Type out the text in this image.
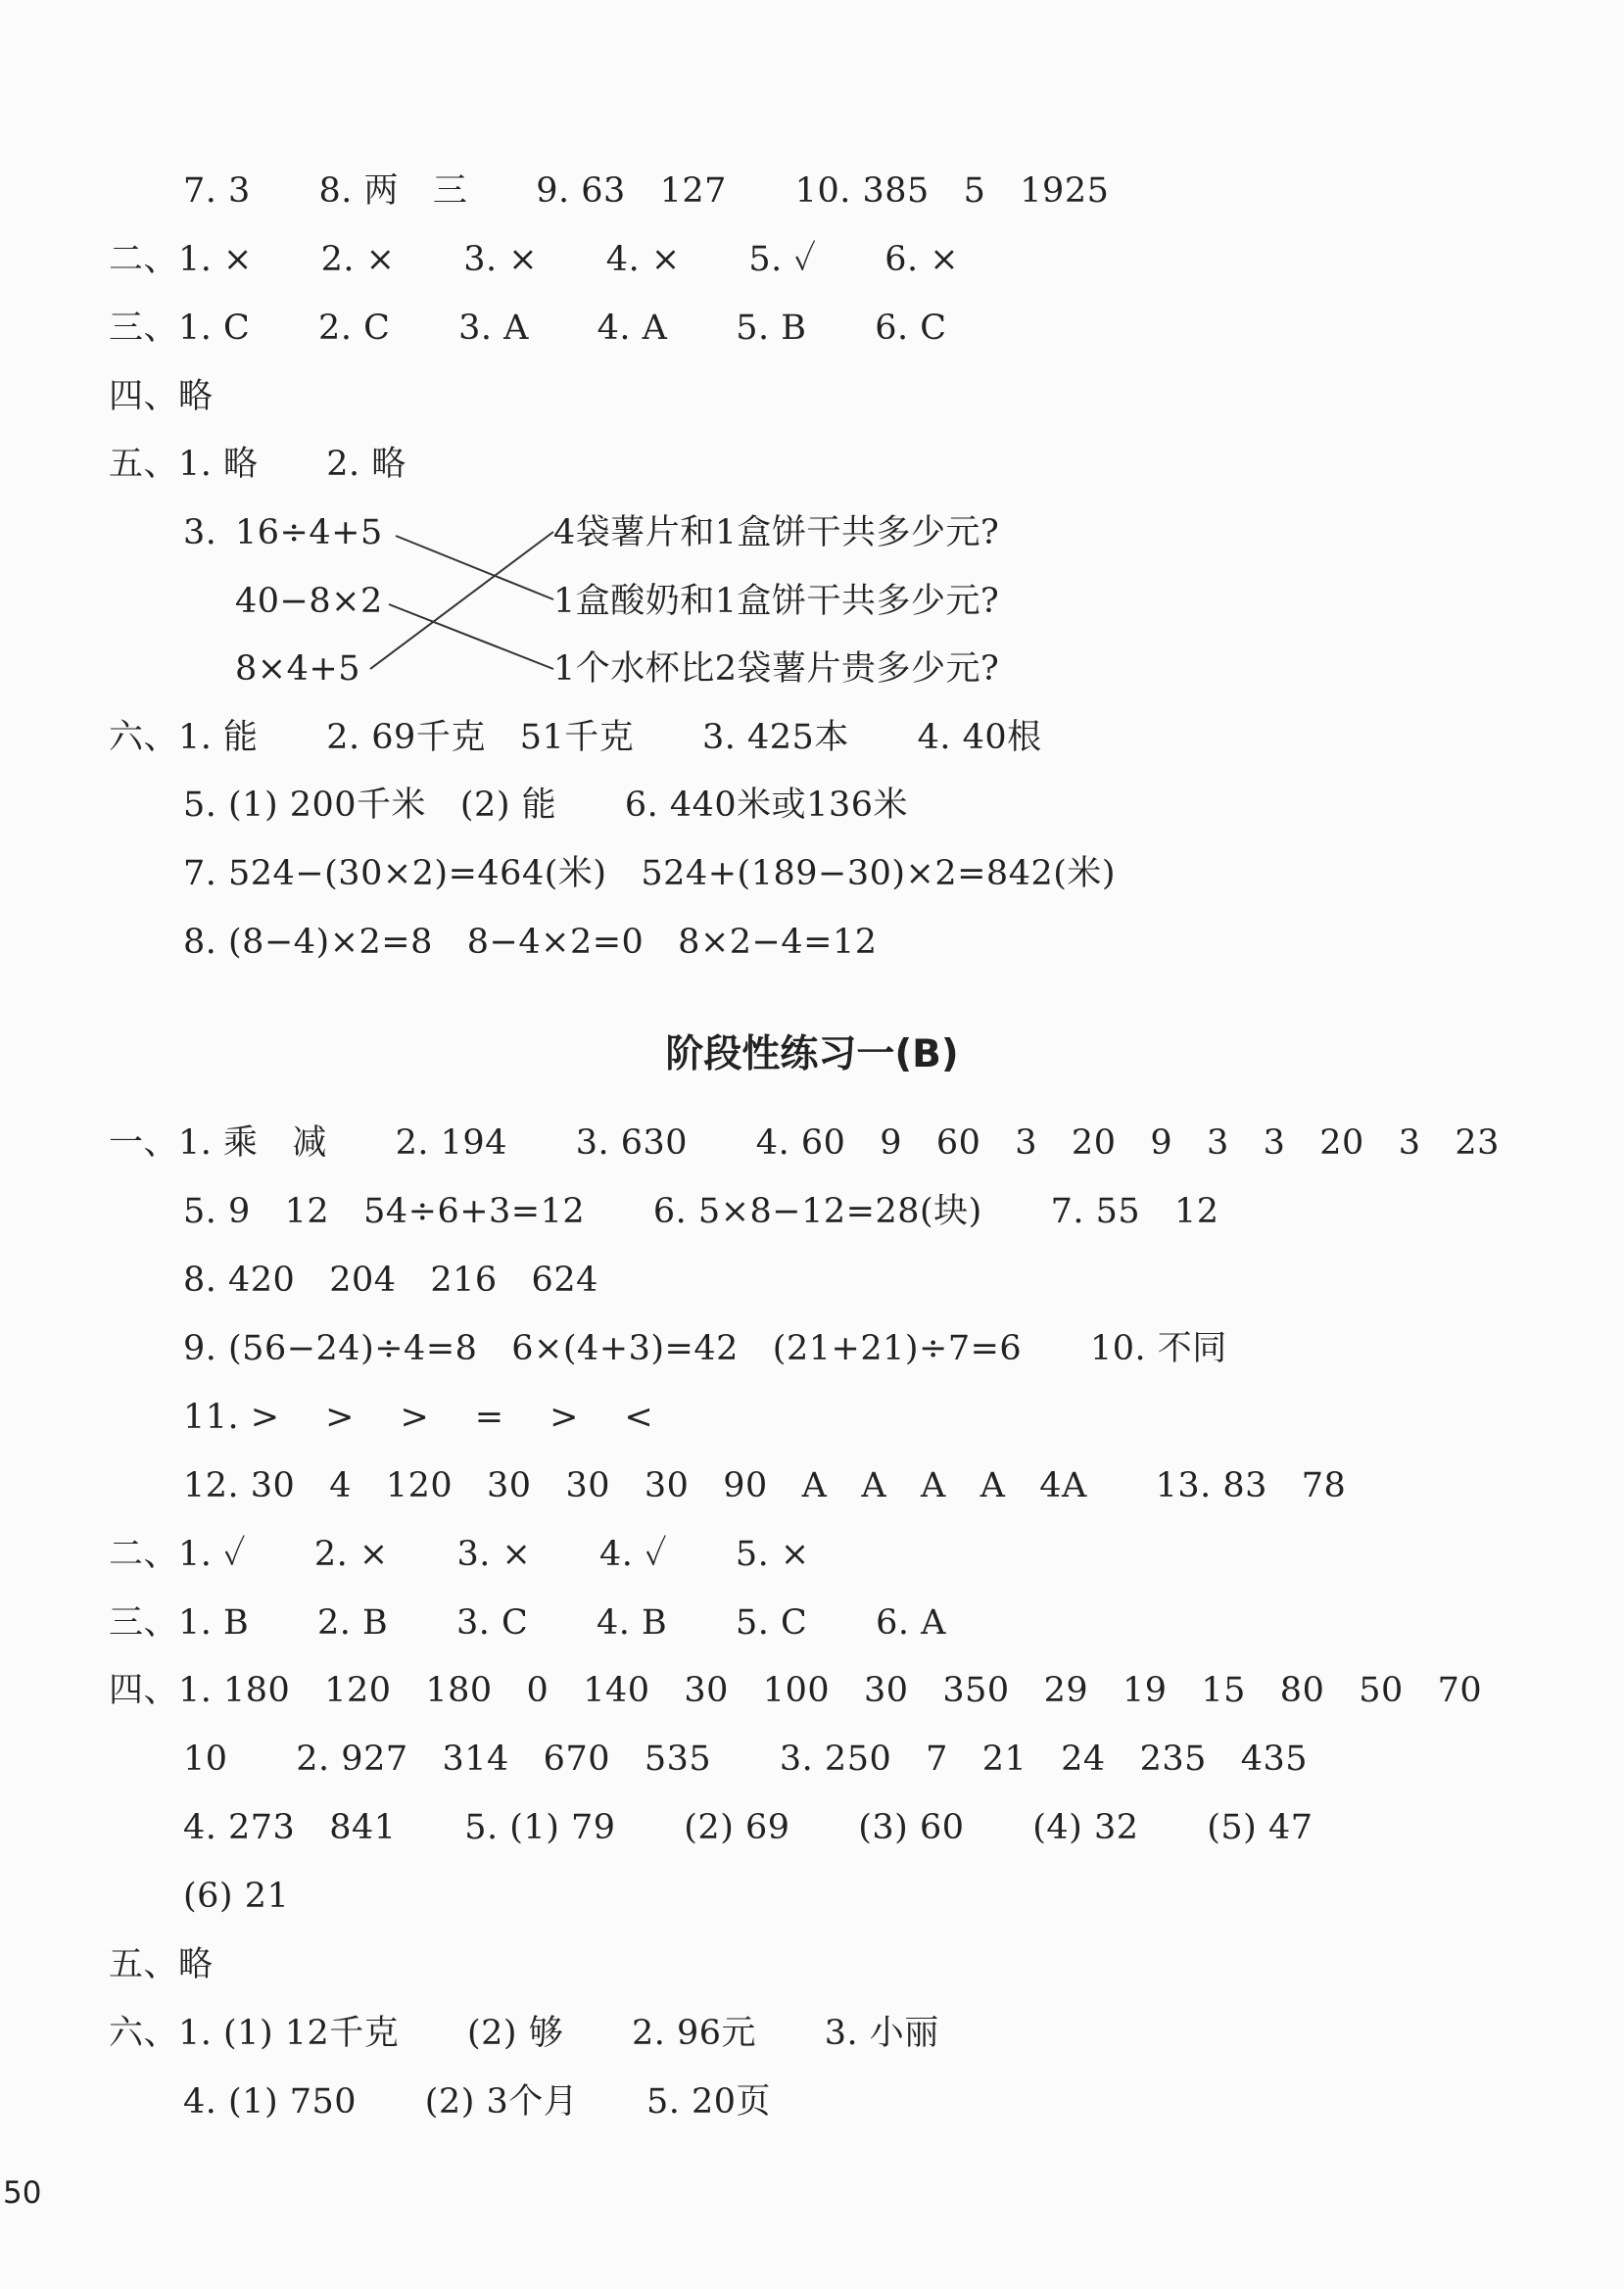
7. 3      8. 两   三      9. 63   127      10. 385   5   1925
二、1. ×      2. ×      3. ×      4. ×      5. ✓      6. ×
三、1. C      2. C      3. A      4. A      5. B      6. C
四、略
五、1. 略      2. 略
3. 16÷4+5
40−8×2
8×4+5
4袋薯片和1盒饼干共多少元?
1盒酸奶和1盒饼干共多少元?
1个水杯比2袋薯片贵多少元?
六、1. 能      2. 69千克   51千克      3. 425本      4. 40根
5. (1) 200千米   (2) 能      6. 440米或136米
7. 524−(30×2)=464(米)   524+(189−30)×2=842(米)
8. (8−4)×2=8   8−4×2=0   8×2−4=12
阶段性练习一(B)
一、1. 乘   减      2. 194      3. 630      4. 60   9   60   3   20   9   3   3   20   3   23
5. 9   12   54÷6+3=12      6. 5×8−12=28(块)      7. 55   12
8. 420   204   216   624
9. (56−24)÷4=8   6×(4+3)=42   (21+21)÷7=6      10. 不同
11. >    >    >    =    >    <
12. 30   4   120   30   30   30   90   A   A   A   A   4A      13. 83   78
二、1. ✓      2. ×      3. ×      4. ✓      5. ×
三、1. B      2. B      3. C      4. B      5. C      6. A
四、1. 180   120   180   0   140   30   100   30   350   29   19   15   80   50   70
10      2. 927   314   670   535      3. 250   7   21   24   235   435
4. 273   841      5. (1) 79      (2) 69      (3) 60      (4) 32      (5) 47
(6) 21
五、略
六、1. (1) 12千克      (2) 够      2. 96元      3. 小丽
4. (1) 750      (2) 3个月      5. 20页
50
